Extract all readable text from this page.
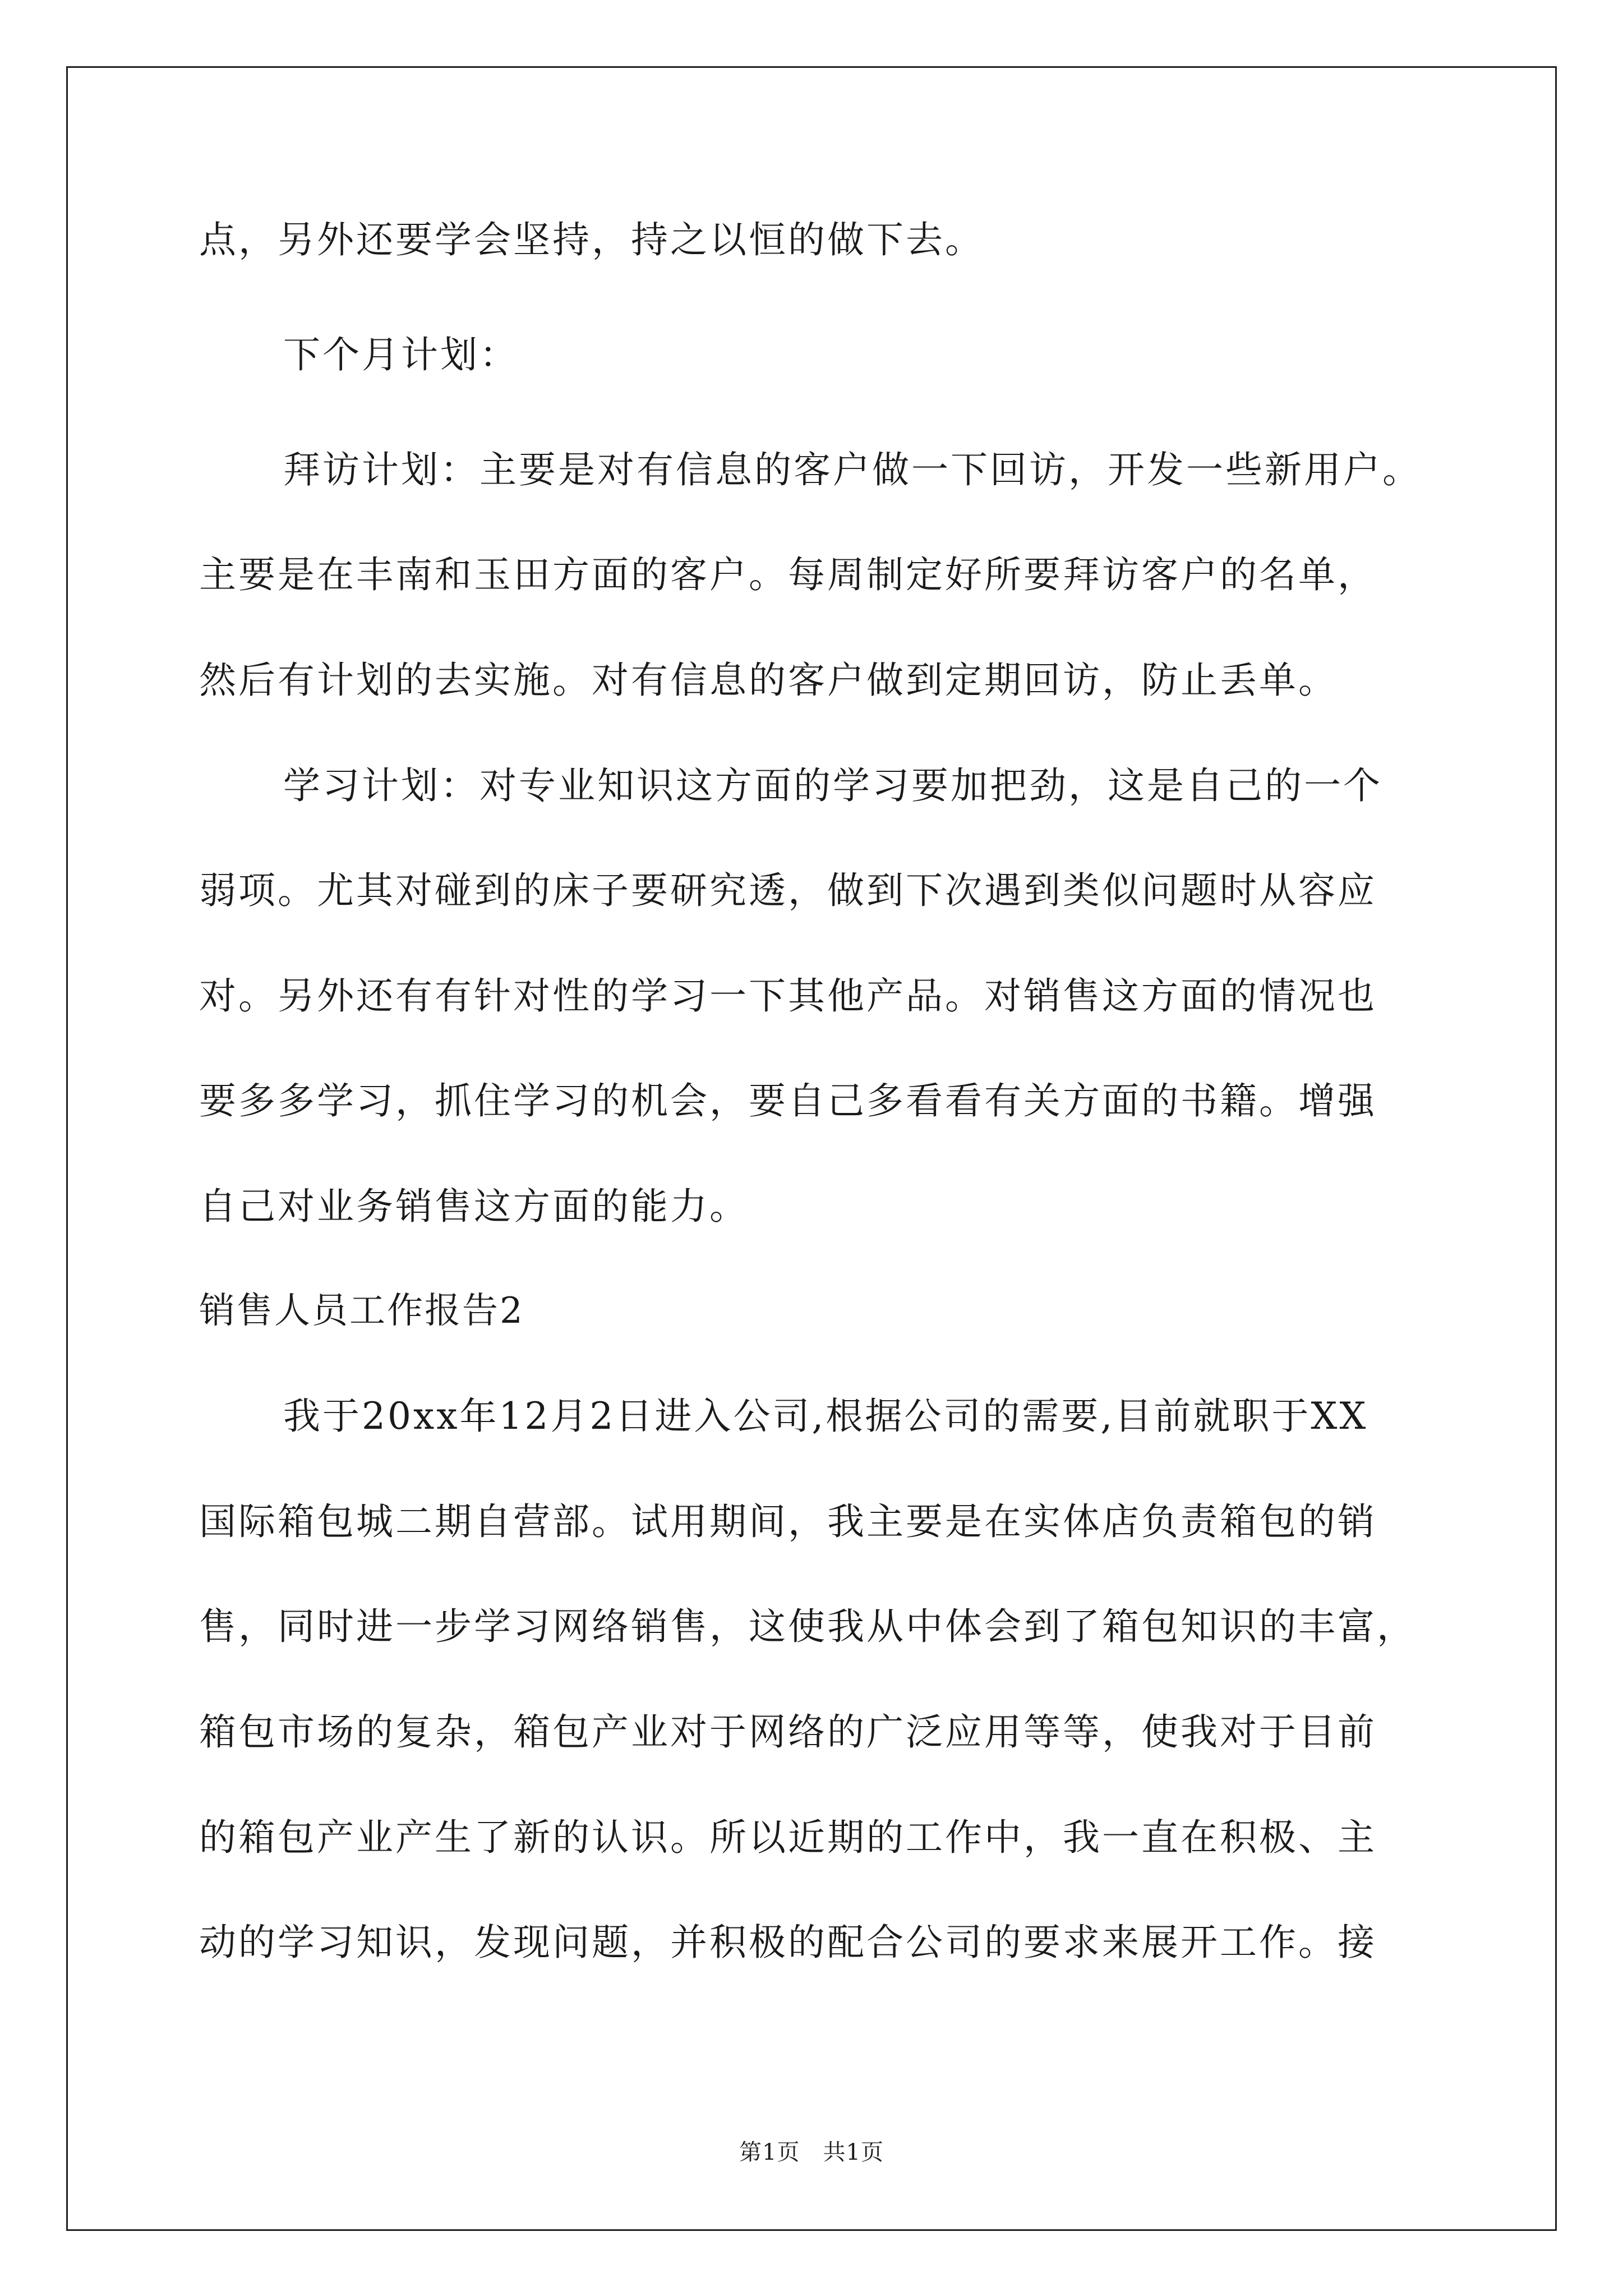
点，另外还要学会坚持，持之以恒的做下去。
下个月计划：
拜访计划：主要是对有信息的客户做一下回访，开发一些新用户。
主要是在丰南和玉田方面的客户。每周制定好所要拜访客户的名单，
然后有计划的去实施。对有信息的客户做到定期回访，防止丢单。
学习计划：对专业知识这方面的学习要加把劲，这是自己的一个
弱项。尤其对碰到的床子要研究透，做到下次遇到类似问题时从容应
对。另外还有有针对性的学习一下其他产品。对销售这方面的情况也
要多多学习，抓住学习的机会，要自己多看看有关方面的书籍。增强
自己对业务销售这方面的能力。
销售人员工作报告2
我于20xx年12月2日进入公司,根据公司的需要,目前就职于XX
国际箱包城二期自营部。试用期间，我主要是在实体店负责箱包的销
售，同时进一步学习网络销售，这使我从中体会到了箱包知识的丰富，
箱包市场的复杂，箱包产业对于网络的广泛应用等等，使我对于目前
的箱包产业产生了新的认识。所以近期的工作中，我一直在积极、主
动的学习知识，发现问题，并积极的配合公司的要求来展开工作。接
第1页　共1页
